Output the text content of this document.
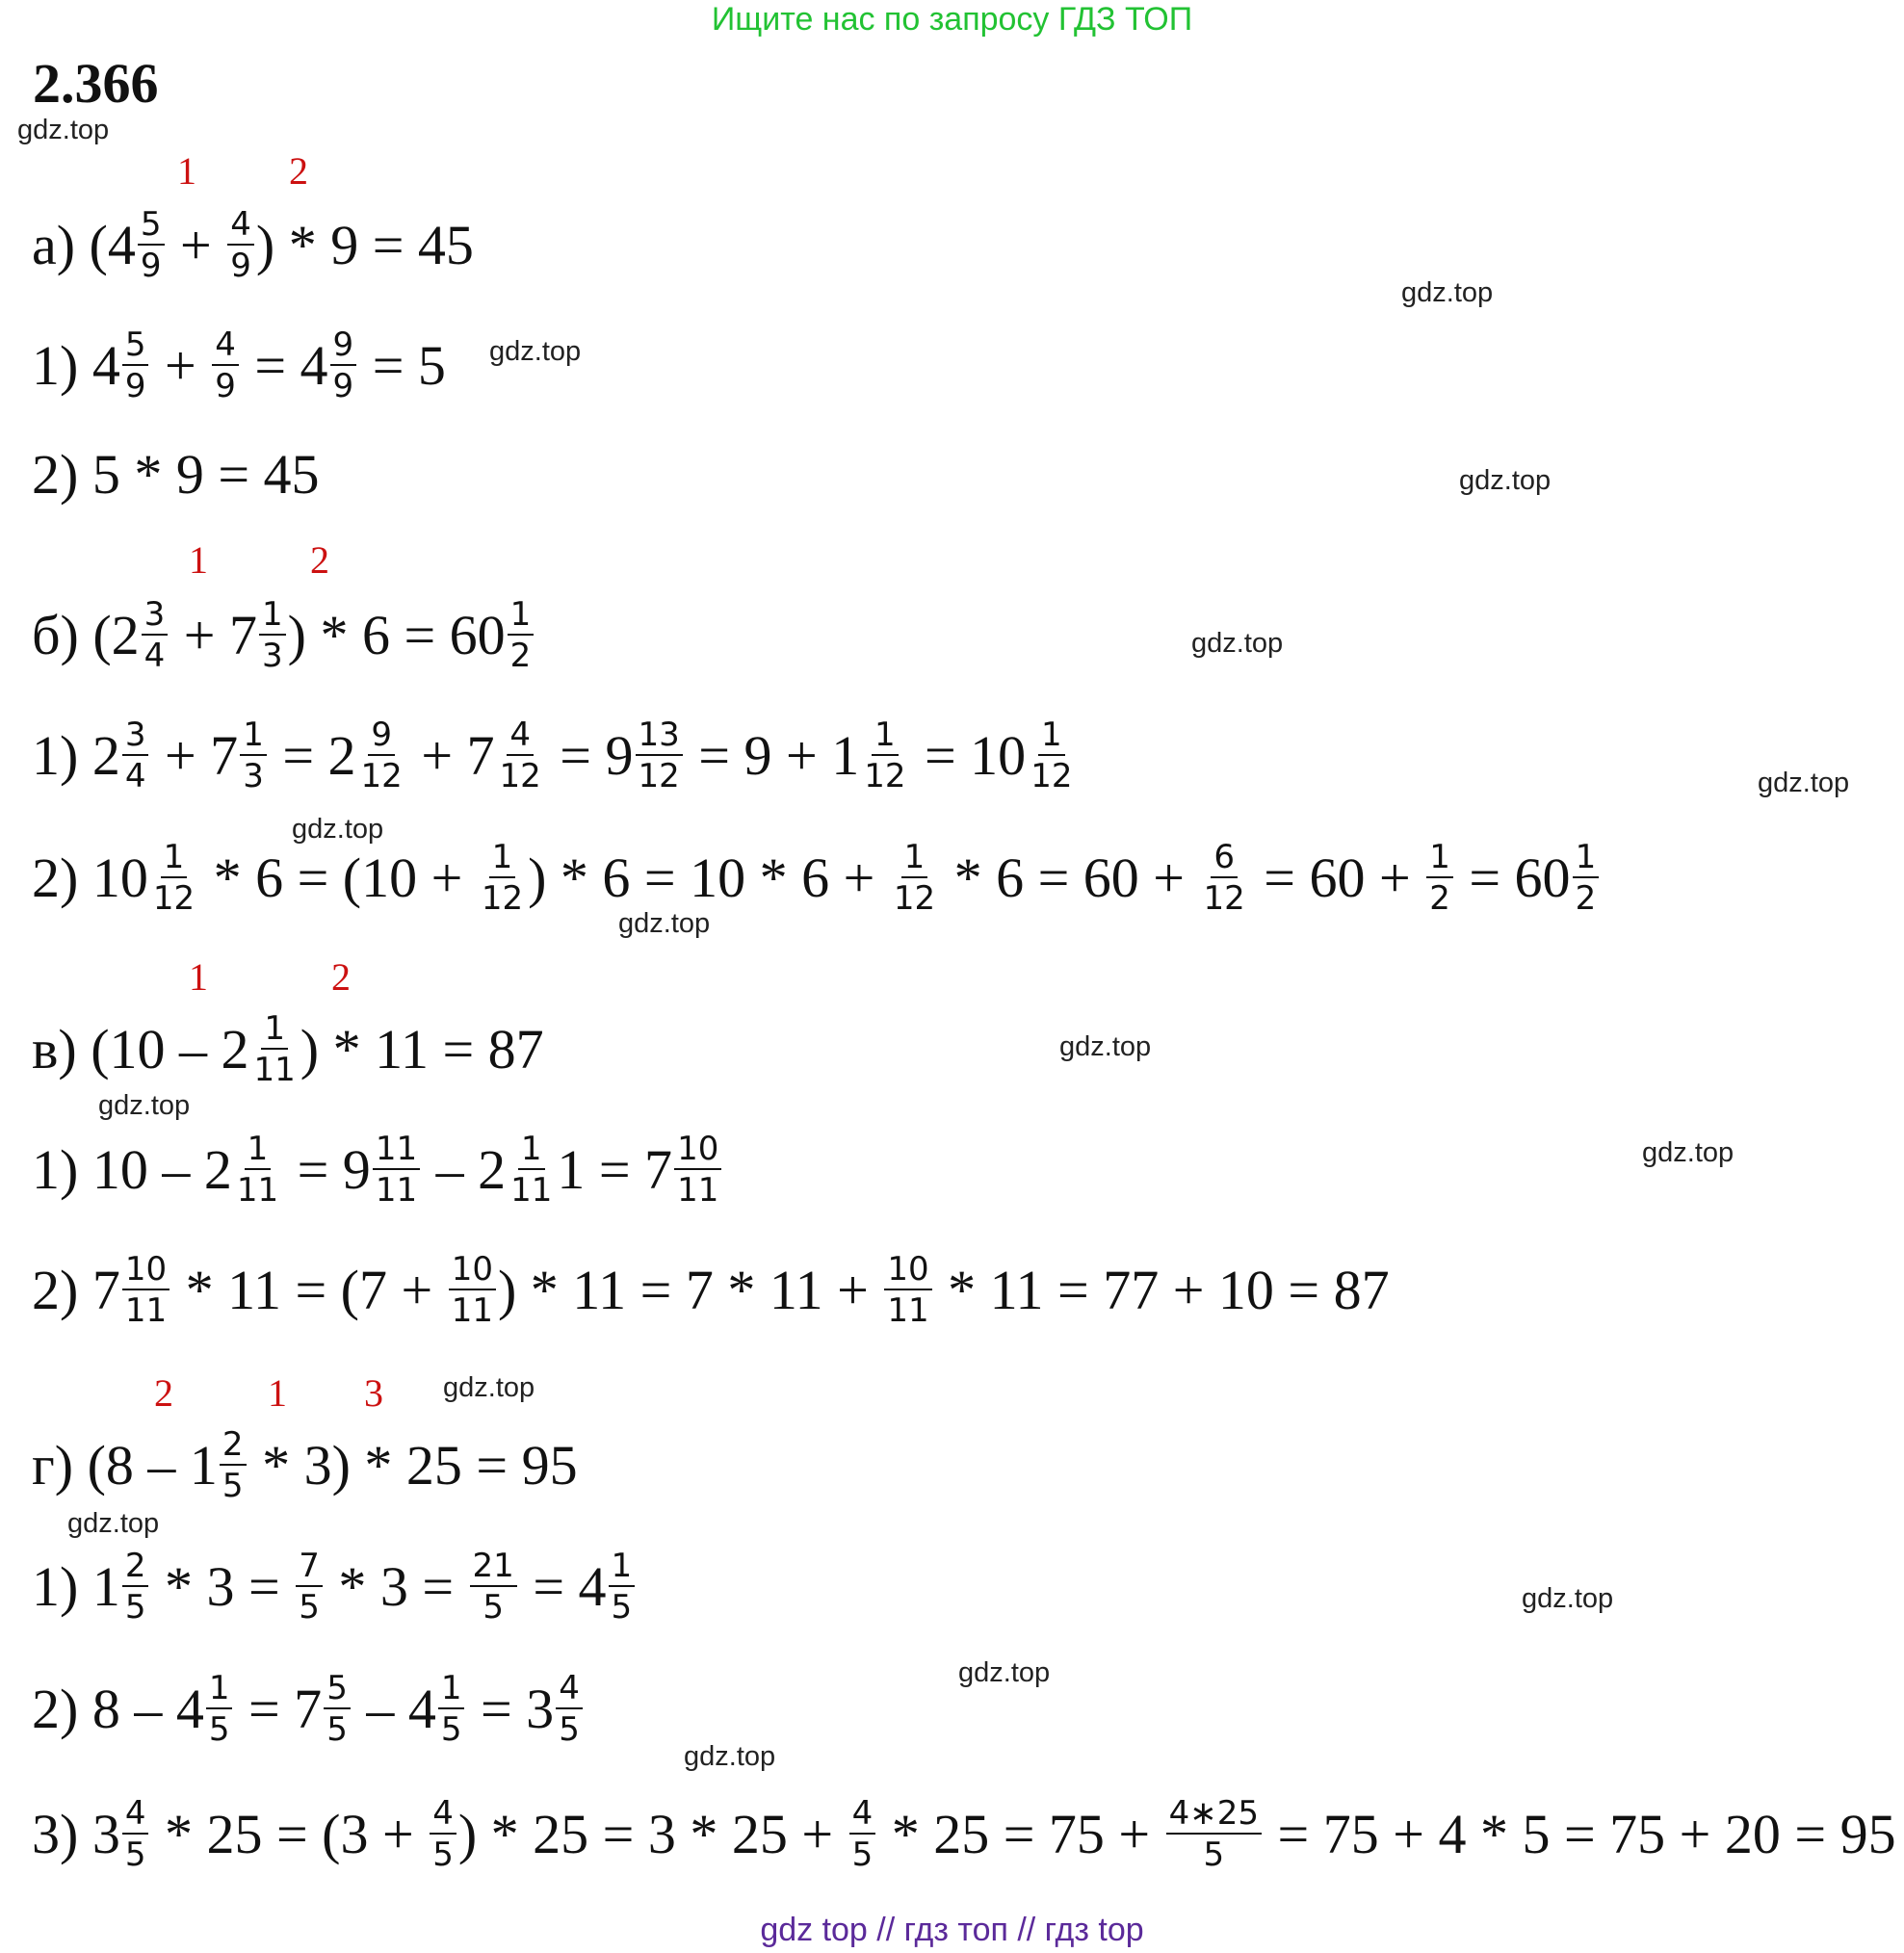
Ищите нас по запросу ГДЗ ТОП
2.366
gdz.top
gdz.top
gdz.top
gdz.top
gdz.top
gdz.top
gdz.top
gdz.top
gdz.top
gdz.top
gdz.top
gdz.top
gdz.top
gdz.top
gdz.top
gdz.top
1 2
1	2
1	2
2 1 3
а) ($4 \frac{5}{9} + \frac{4}{9}$ ) * 9 = 45
1) $4 \frac{5}{9} + \frac{4}{9} = 4 \frac{9}{9} = 5$
2) 5 * 9 = 45
б) ($2 \frac{3}{4} + 7 \frac{1}{3}$ ) * $6 = 60 \frac{1}{2}$
1) $2 \frac{3}{4} + 7 \frac{1}{3} = 2 \frac{9}{12} + 7 \frac{4}{12} = 9 \frac{13}{12} = 9 + 1 \frac{1}{12} = 10 \frac{1}{12}$
2) $10 \frac{1}{12} * 6 = (10 + \frac{1}{12}$ ) * $6 = 10 * 6 + \frac{1}{12} * 6 = 60 + \frac{6}{12} = 60 + \frac{1}{2} = 60 \frac{1}{2}$
в) ($10 - 2 \frac{1}{11}$ ) * 11 = 87
1) $10 - 2 \frac{1}{11} = 9 \frac{11}{11} - 2 \frac{1}{11} 1 = 7 \frac{10}{11}$
2) $7 \frac{10}{11} * 11 = (7 + \frac{10}{11}$ ) * $11 = 7 * 11 + \frac{10}{11} * 11 = 77 + 10 = 87$
г) $(8 - 1 \frac{2}{5} * 3) * 25 = 95$
1) $1 \frac{2}{5} * 3 = \frac{7}{5} * 3 = \frac{21}{5} = 4 \frac{1}{5}$
2) $8 - 4 \frac{1}{5} = 7 \frac{5}{5} - 4 \frac{1}{5} = 3 \frac{4}{5}$
3) $3 \frac{4}{5} * 25 = (3 + \frac{4}{5}$ ) * $25 = 3 * 25 + \frac{4}{5} * 25 = 75 + \frac{4∗25}{5} = 75 + 4 * 5 = 75 + 20 = 95$
gdz top // гдз топ // гдз top
